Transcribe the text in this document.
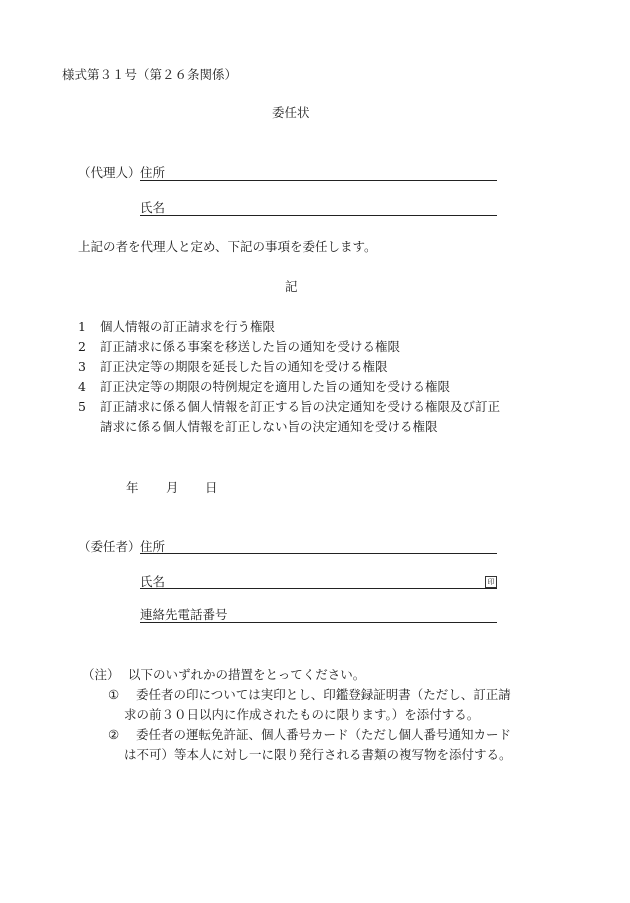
様式第３１号（第２６条関係）
委任状
（代理人） 住所
氏名
上記の者を代理人と定め、下記の事項を委任します。
記
1	個人情報の訂正請求を行う権限
2	訂正請求に係る事案を移送した旨の通知を受ける権限
3	訂正決定等の期限を延長した旨の通知を受ける権限
4	訂正決定等の期限の特例規定を適用した旨の通知を受ける権限
5	訂正請求に係る個人情報を訂正する旨の決定通知を受ける権限及び訂正
請求に係る個人情報を訂正しない旨の決定通知を受ける権限
年 月 日
（委任者） 住所
氏名	印
連絡先電話番号
（注） 以下のいずれかの措置をとってください。
① 委任者の印については実印とし、印鑑登録証明書（ただし、訂正請
求の前３０日以内に作成されたものに限ります。）を添付する。
② 委任者の運転免許証、個人番号カード（ただし個人番号通知カード
は不可）等本人に対し一に限り発行される書類の複写物を添付する。
